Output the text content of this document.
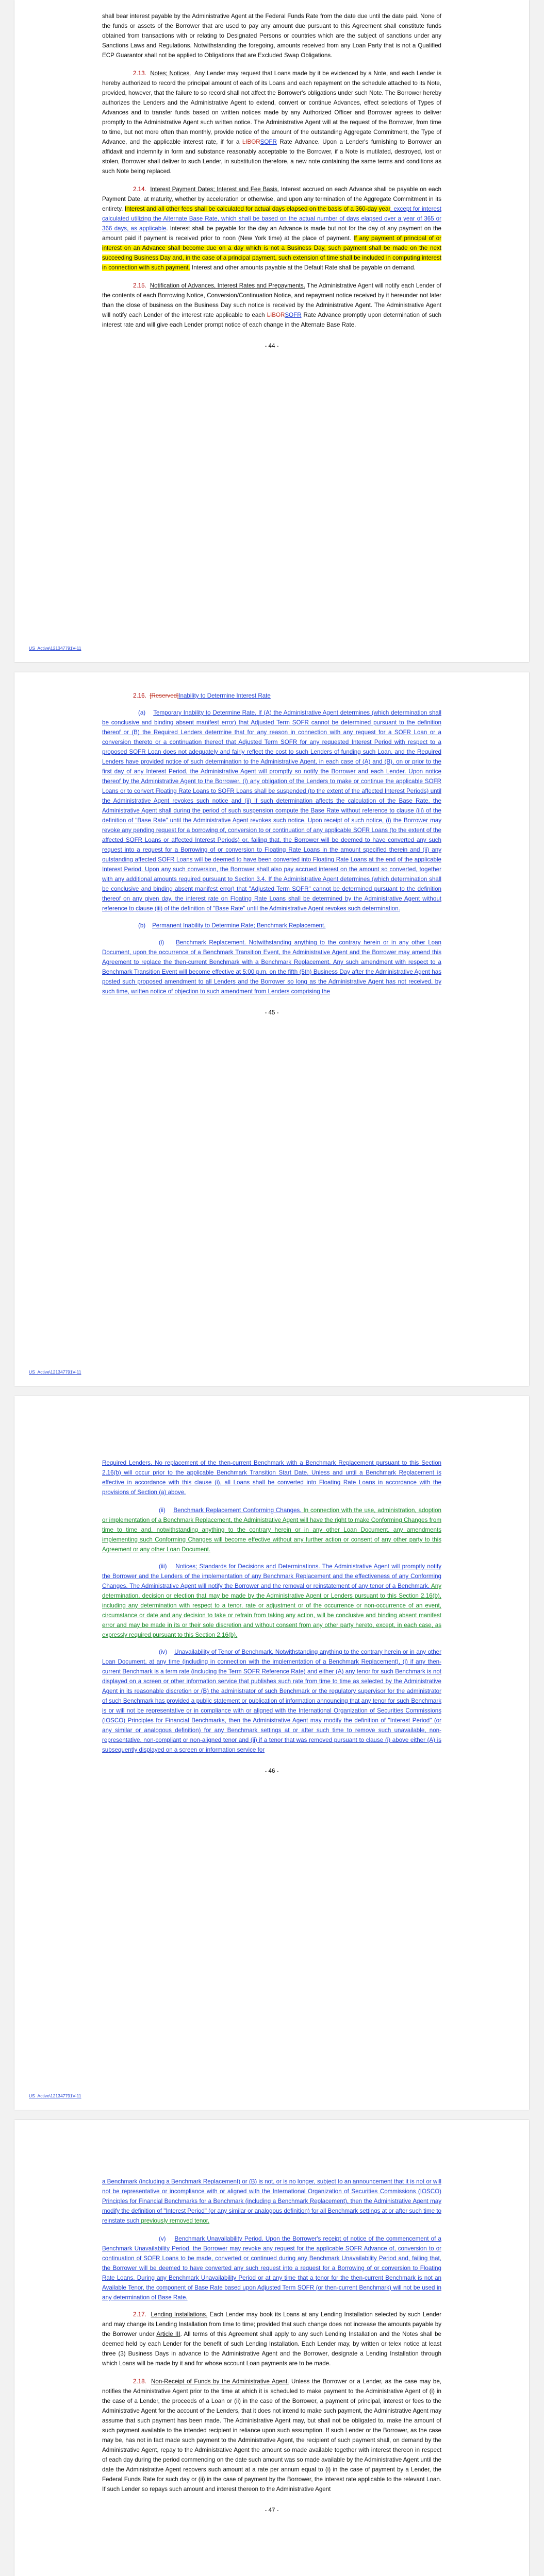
shall bear interest payable by the Administrative Agent at the Federal Funds Rate from the date due until the date paid. None of the funds or assets of the Borrower that are used to pay any amount due pursuant to this Agreement shall constitute funds obtained from transactions with or relating to Designated Persons or countries which are the subject of sanctions under any Sanctions Laws and Regulations. Notwithstanding the foregoing, amounts received from any Loan Party that is not a Qualified ECP Guarantor shall not be applied to Obligations that are Excluded Swap Obligations.

2.13. Notes; Notices. Any Lender may request that Loans made by it be evidenced by a Note, and each Lender is hereby authorized to record the principal amount of each of its Loans and each repayment on the schedule attached to its Note, provided, however, that the failure to so record shall not affect the Borrower's obligations under such Note. The Borrower hereby authorizes the Lenders and the Administrative Agent to extend, convert or continue Advances, effect selections of Types of Advances and to transfer funds based on written notices made by any Authorized Officer and Borrower agrees to deliver promptly to the Administrative Agent such written notice. The Administrative Agent will at the request of the Borrower, from time to time, but not more often than monthly, provide notice of the amount of the outstanding Aggregate Commitment, the Type of Advance, and the applicable interest rate, if for a LIBORSOFR Rate Advance. Upon a Lender's furnishing to Borrower an affidavit and indemnity in form and substance reasonably acceptable to the Borrower, if a Note is mutilated, destroyed, lost or stolen, Borrower shall deliver to such Lender, in substitution therefore, a new note containing the same terms and conditions as such Note being replaced.

2.14. Interest Payment Dates; Interest and Fee Basis. Interest accrued on each Advance shall be payable on each Payment Date, at maturity, whether by acceleration or otherwise, and upon any termination of the Aggregate Commitment in its entirety. Interest and all other fees shall be calculated for actual days elapsed on the basis of a 360-day year, except for interest calculated utilizing the Alternate Base Rate, which shall be based on the actual number of days elapsed over a year of 365 or 366 days, as applicable. Interest shall be payable for the day an Advance is made but not for the day of any payment on the amount paid if payment is received prior to noon (New York time) at the place of payment. If any payment of principal of or interest on an Advance shall become due on a day which is not a Business Day, such payment shall be made on the next succeeding Business Day and, in the case of a principal payment, such extension of time shall be included in computing interest in connection with such payment. Interest and other amounts payable at the Default Rate shall be payable on demand.

2.15. Notification of Advances, Interest Rates and Prepayments. The Administrative Agent will notify each Lender of the contents of each Borrowing Notice, Conversion/Continuation Notice, and repayment notice received by it hereunder not later than the close of business on the Business Day such notice is received by the Administrative Agent. The Administrative Agent will notify each Lender of the interest rate applicable to each LIBORSOFR Rate Advance promptly upon determination of such interest rate and will give each Lender prompt notice of each change in the Alternate Base Rate.

- 44 -

US_Active\121347791V-11

2.16. [Reserved]Inability to Determine Interest Rate

(a) Temporary Inability to Determine Rate. If (A) the Administrative Agent determines (which determination shall be conclusive and binding absent manifest error) that Adjusted Term SOFR cannot be determined pursuant to the definition thereof or (B) the Required Lenders determine that for any reason in connection with any request for a SOFR Loan or a conversion thereto or a continuation thereof that Adjusted Term SOFR for any requested Interest Period with respect to a proposed SOFR Loan does not adequately and fairly reflect the cost to such Lenders of funding such Loan, and the Required Lenders have provided notice of such determination to the Administrative Agent, in each case of (A) and (B), on or prior to the first day of any Interest Period, the Administrative Agent will promptly so notify the Borrower and each Lender. Upon notice thereof by the Administrative Agent to the Borrower, (i) any obligation of the Lenders to make or continue the applicable SOFR Loans or to convert Floating Rate Loans to SOFR Loans shall be suspended (to the extent of the affected Interest Periods) until the Administrative Agent revokes such notice and (ii) if such determination affects the calculation of the Base Rate, the Administrative Agent shall during the period of such suspension compute the Base Rate without reference to clause (iii) of the definition of "Base Rate" until the Administrative Agent revokes such notice. Upon receipt of such notice, (i) the Borrower may revoke any pending request for a borrowing of, conversion to or continuation of any applicable SOFR Loans (to the extent of the affected SOFR Loans or affected Interest Periods) or, failing that, the Borrower will be deemed to have converted any such request into a request for a Borrowing of or conversion to Floating Rate Loans in the amount specified therein and (ii) any outstanding affected SOFR Loans will be deemed to have been converted into Floating Rate Loans at the end of the applicable Interest Period. Upon any such conversion, the Borrower shall also pay accrued interest on the amount so converted, together with any additional amounts required pursuant to Section 3.4. If the Administrative Agent determines (which determination shall be conclusive and binding absent manifest error) that "Adjusted Term SOFR" cannot be determined pursuant to the definition thereof on any given day, the interest rate on Floating Rate Loans shall be determined by the Administrative Agent without reference to clause (iii) of the definition of "Base Rate" until the Administrative Agent revokes such determination.

(b) Permanent Inability to Determine Rate; Benchmark Replacement.

(i) Benchmark Replacement. Notwithstanding anything to the contrary herein or in any other Loan Document, upon the occurrence of a Benchmark Transition Event, the Administrative Agent and the Borrower may amend this Agreement to replace the then-current Benchmark with a Benchmark Replacement. Any such amendment with respect to a Benchmark Transition Event will become effective at 5:00 p.m. on the fifth (5th) Business Day after the Administrative Agent has posted such proposed amendment to all Lenders and the Borrower so long as the Administrative Agent has not received, by such time, written notice of objection to such amendment from Lenders comprising the

- 45 -

US_Active\121347791V-11

Required Lenders. No replacement of the then-current Benchmark with a Benchmark Replacement pursuant to this Section 2.16(b) will occur prior to the applicable Benchmark Transition Start Date. Unless and until a Benchmark Replacement is effective in accordance with this clause (i), all Loans shall be converted into Floating Rate Loans in accordance with the provisions of Section (a) above.

(ii) Benchmark Replacement Conforming Changes. In connection with the use, administration, adoption or implementation of a Benchmark Replacement, the Administrative Agent will have the right to make Conforming Changes from time to time and, notwithstanding anything to the contrary herein or in any other Loan Document, any amendments implementing such Conforming Changes will become effective without any further action or consent of any other party to this Agreement or any other Loan Document.

(iii) Notices; Standards for Decisions and Determinations. The Administrative Agent will promptly notify the Borrower and the Lenders of the implementation of any Benchmark Replacement and the effectiveness of any Conforming Changes. The Administrative Agent will notify the Borrower and the removal or reinstatement of any tenor of a Benchmark. Any determination, decision or election that may be made by the Administrative Agent or Lenders pursuant to this Section 2.16(b), including any determination with respect to a tenor, rate or adjustment or of the occurrence or non-occurrence of an event, circumstance or date and any decision to take or refrain from taking any action, will be conclusive and binding absent manifest error and may be made in its or their sole discretion and without consent from any other party hereto, except, in each case, as expressly required pursuant to this Section 2.16(b).

(iv) Unavailability of Tenor of Benchmark. Notwithstanding anything to the contrary herein or in any other Loan Document, at any time (including in connection with the implementation of a Benchmark Replacement), (i) if any then-current Benchmark is a term rate (including the Term SOFR Reference Rate) and either (A) any tenor for such Benchmark is not displayed on a screen or other information service that publishes such rate from time to time as selected by the Administrative Agent in its reasonable discretion or (B) the administrator of such Benchmark or the regulatory supervisor for the administrator of such Benchmark has provided a public statement or publication of information announcing that any tenor for such Benchmark is or will not be representative or in compliance with or aligned with the International Organization of Securities Commissions (IOSCO) Principles for Financial Benchmarks, then the Administrative Agent may modify the definition of "Interest Period" (or any similar or analogous definition) for any Benchmark settings at or after such time to remove such unavailable, non-representative, non-compliant or non-aligned tenor and (ii) if a tenor that was removed pursuant to clause (i) above either (A) is subsequently displayed on a screen or information service for

- 46 -

US_Active\121347791V-11

a Benchmark (including a Benchmark Replacement) or (B) is not, or is no longer, subject to an announcement that it is not or will not be representative or incompliance with or aligned with the International Organization of Securities Commissions (IOSCO) Principles for Financial Benchmarks for a Benchmark (including a Benchmark Replacement), then the Administrative Agent may modify the definition of "Interest Period" (or any similar or analogous definition) for all Benchmark settings at or after such time to reinstate such previously removed tenor.

(v) Benchmark Unavailability Period. Upon the Borrower's receipt of notice of the commencement of a Benchmark Unavailability Period, the Borrower may revoke any request for the applicable SOFR Advance of, conversion to or continuation of SOFR Loans to be made, converted or continued during any Benchmark Unavailability Period and, failing that, the Borrower will be deemed to have converted any such request into a request for a Borrowing of or conversion to Floating Rate Loans. During any Benchmark Unavailability Period or at any time that a tenor for the then-current Benchmark is not an Available Tenor, the component of Base Rate based upon Adjusted Term SOFR (or then-current Benchmark) will not be used in any determination of Base Rate.

2.17. Lending Installations. Each Lender may book its Loans at any Lending Installation selected by such Lender and may change its Lending Installation from time to time; provided that such change does not increase the amounts payable by the Borrower under Article III. All terms of this Agreement shall apply to any such Lending Installation and the Notes shall be deemed held by each Lender for the benefit of such Lending Installation. Each Lender may, by written or telex notice at least three (3) Business Days in advance to the Administrative Agent and the Borrower, designate a Lending Installation through which Loans will be made by it and for whose account Loan payments are to be made.

2.18. Non-Receipt of Funds by the Administrative Agent. Unless the Borrower or a Lender, as the case may be, notifies the Administrative Agent prior to the time at which it is scheduled to make payment to the Administrative Agent of (i) in the case of a Lender, the proceeds of a Loan or (ii) in the case of the Borrower, a payment of principal, interest or fees to the Administrative Agent for the account of the Lenders, that it does not intend to make such payment, the Administrative Agent may assume that such payment has been made. The Administrative Agent may, but shall not be obligated to, make the amount of such payment available to the intended recipient in reliance upon such assumption. If such Lender or the Borrower, as the case may be, has not in fact made such payment to the Administrative Agent, the recipient of such payment shall, on demand by the Administrative Agent, repay to the Administrative Agent the amount so made available together with interest thereon in respect of each day during the period commencing on the date such amount was so made available by the Administrative Agent until the date the Administrative Agent recovers such amount at a rate per annum equal to (i) in the case of payment by a Lender, the Federal Funds Rate for such day or (ii) in the case of payment by the Borrower, the interest rate applicable to the relevant Loan. If such Lender so repays such amount and interest thereon to the Administrative Agent

- 47 -
